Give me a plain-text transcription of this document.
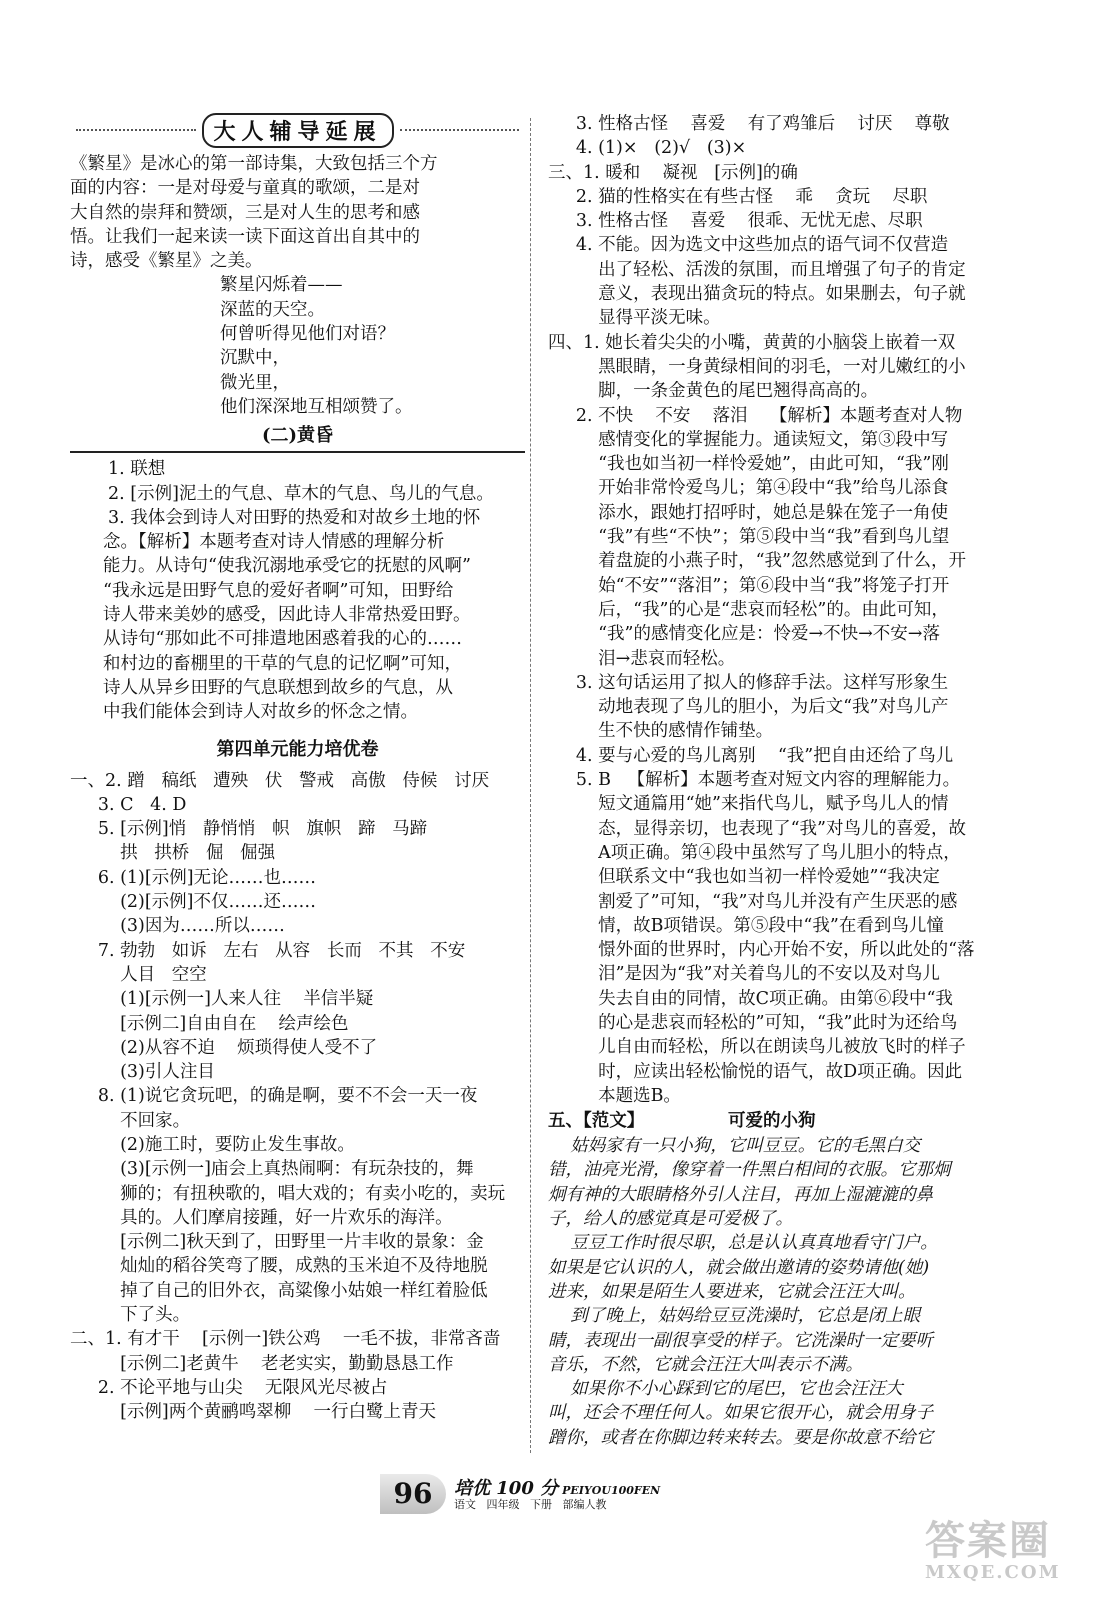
大人辅导延展
《繁星》是冰心的第一部诗集，大致包括三个方
面的内容：一是对母爱与童真的歌颂，二是对
大自然的崇拜和赞颂，三是对人生的思考和感
悟。让我们一起来读一读下面这首出自其中的
诗，感受《繁星》之美。
繁星闪烁着——
深蓝的天空。
何曾听得见他们对语？
沉默中，
微光里，
他们深深地互相颂赞了。
(二)黄昏
1. 联想
2. [示例]泥土的气息、草木的气息、鸟儿的气息。
3. 我体会到诗人对田野的热爱和对故乡土地的怀
念。【解析】本题考查对诗人情感的理解分析
能力。从诗句“使我沉溺地承受它的抚慰的风啊”
“我永远是田野气息的爱好者啊”可知，田野给
诗人带来美妙的感受，因此诗人非常热爱田野。
从诗句“那如此不可排遣地困惑着我的心的……
和村边的畜棚里的干草的气息的记忆啊”可知，
诗人从异乡田野的气息联想到故乡的气息，从
中我们能体会到诗人对故乡的怀念之情。
第四单元能力培优卷
一、2. 蹭   稿纸   遭殃   伏   警戒   高傲   侍候   讨厌
3. C   4. D
5. [示例]悄   静悄悄   帜   旗帜   蹄   马蹄
拱   拱桥   倔   倔强
6. (1)[示例]无论……也……
(2)[示例]不仅……还……
(3)因为……所以……
7. 勃勃   如诉   左右   从容   长而   不其   不安
人目   空空
(1)[示例一]人来人往    半信半疑
[示例二]自由自在    绘声绘色
(2)从容不迫    烦琐得使人受不了
(3)引人注目
8. (1)说它贪玩吧，的确是啊，要不不会一天一夜
不回家。
(2)施工时，要防止发生事故。
(3)[示例一]庙会上真热闹啊：有玩杂技的，舞
狮的；有扭秧歌的，唱大戏的；有卖小吃的，卖玩
具的。人们摩肩接踵，好一片欢乐的海洋。
[示例二]秋天到了，田野里一片丰收的景象：金
灿灿的稻谷笑弯了腰，成熟的玉米迫不及待地脱
掉了自己的旧外衣，高粱像小姑娘一样红着脸低
下了头。
二、1. 有才干    [示例一]铁公鸡    一毛不拔，非常吝啬
[示例二]老黄牛    老老实实，勤勤恳恳工作
2. 不论平地与山尖    无限风光尽被占
[示例]两个黄鹂鸣翠柳    一行白鹭上青天
3. 性格古怪    喜爱    有了鸡雏后    讨厌    尊敬
4. (1)×   (2)√   (3)×
三、1. 暖和    凝视   [示例]的确
2. 猫的性格实在有些古怪    乖    贪玩    尽职
3. 性格古怪    喜爱    很乖、无忧无虑、尽职
4. 不能。因为选文中这些加点的语气词不仅营造
出了轻松、活泼的氛围，而且增强了句子的肯定
意义，表现出猫贪玩的特点。如果删去，句子就
显得平淡无味。
四、1. 她长着尖尖的小嘴，黄黄的小脑袋上嵌着一双
黑眼睛，一身黄绿相间的羽毛，一对儿嫩红的小
脚，一条金黄色的尾巴翘得高高的。
2. 不快    不安    落泪    【解析】本题考查对人物
感情变化的掌握能力。通读短文，第③段中写
“我也如当初一样怜爱她”，由此可知，“我”刚
开始非常怜爱鸟儿；第④段中“我”给鸟儿添食
添水，跟她打招呼时，她总是躲在笼子一角使
“我”有些“不快”；第⑤段中当“我”看到鸟儿望
着盘旋的小燕子时，“我”忽然感觉到了什么，开
始“不安”“落泪”；第⑥段中当“我”将笼子打开
后，“我”的心是“悲哀而轻松”的。由此可知，
“我”的感情变化应是：怜爱→不快→不安→落
泪→悲哀而轻松。
3. 这句话运用了拟人的修辞手法。这样写形象生
动地表现了鸟儿的胆小，为后文“我”对鸟儿产
生不快的感情作铺垫。
4. 要与心爱的鸟儿离别    “我”把自由还给了鸟儿
5. B   【解析】本题考查对短文内容的理解能力。
短文通篇用“她”来指代鸟儿，赋予鸟儿人的情
态，显得亲切，也表现了“我”对鸟儿的喜爱，故
A项正确。第④段中虽然写了鸟儿胆小的特点，
但联系文中“我也如当初一样怜爱她”“我决定
割爱了”可知，“我”对鸟儿并没有产生厌恶的感
情，故B项错误。第⑤段中“我”在看到鸟儿憧
憬外面的世界时，内心开始不安，所以此处的“落
泪”是因为“我”对关着鸟儿的不安以及对鸟儿
失去自由的同情，故C项正确。由第⑥段中“我
的心是悲哀而轻松的”可知，“我”此时为还给鸟
儿自由而轻松，所以在朗读鸟儿被放飞时的样子
时，应读出轻松愉悦的语气，故D项正确。因此
本题选B。
五、【范文】	可爱的小狗
姑妈家有一只小狗，它叫豆豆。它的毛黑白交
错，油亮光滑，像穿着一件黑白相间的衣服。它那炯
炯有神的大眼睛格外引人注目，再加上湿漉漉的鼻
子，给人的感觉真是可爱极了。
豆豆工作时很尽职，总是认认真真地看守门户。
如果是它认识的人，就会做出邀请的姿势请他(她)
进来，如果是陌生人要进来，它就会汪汪大叫。
到了晚上，姑妈给豆豆洗澡时，它总是闭上眼
睛，表现出一副很享受的样子。它洗澡时一定要听
音乐，不然，它就会汪汪大叫表示不满。
如果你不小心踩到它的尾巴，它也会汪汪大
叫，还会不理任何人。如果它很开心，就会用身子
蹭你，或者在你脚边转来转去。要是你故意不给它
96	培优 100 分 PEIYOU100FEN
语文   四年级   下册   部编人教
答案圈
MXQE.COM
